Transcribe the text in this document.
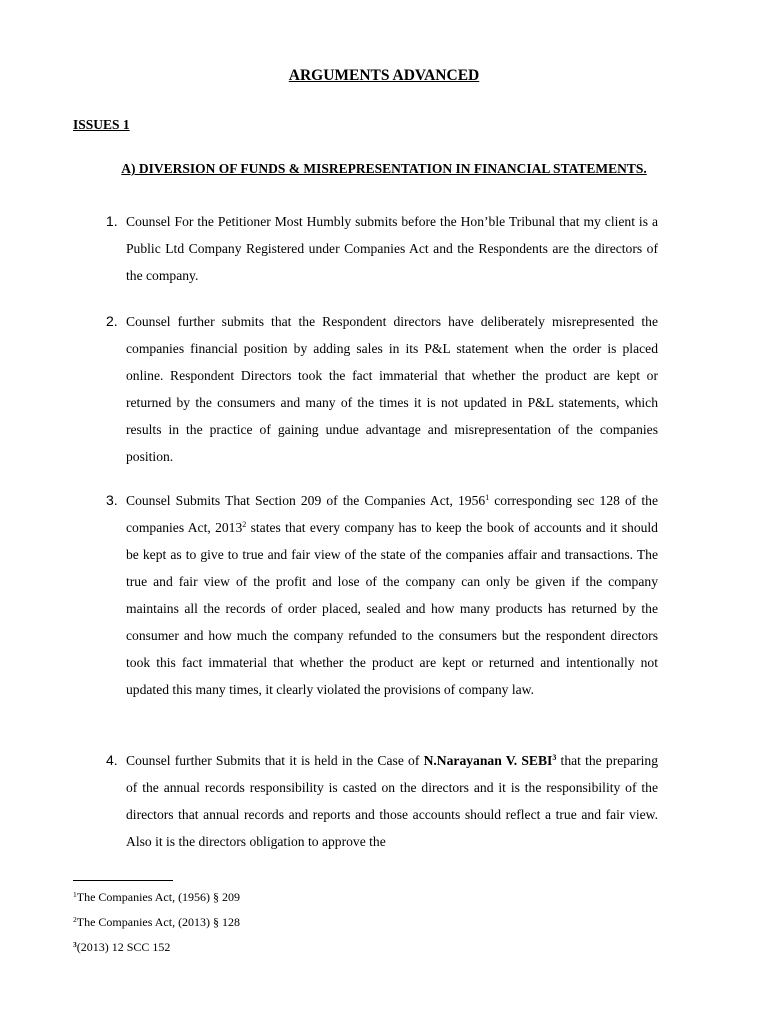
ARGUMENTS ADVANCED
ISSUES 1
A) DIVERSION OF FUNDS & MISREPRESENTATION IN FINANCIAL STATEMENTS.

1. Counsel For the Petitioner Most Humbly submits before the Hon’ble Tribunal that my client is a Public Ltd Company Registered under Companies Act and the Respondents are the directors of the company.

2. Counsel further submits that the Respondent directors have deliberately misrepresented the companies financial position by adding sales in its P&L statement when the order is placed online. Respondent Directors took the fact immaterial that whether the product are kept or returned by the consumers and many of the times it is not updated in P&L statements, which results in the practice of gaining undue advantage and misrepresentation of the companies position.

3. Counsel Submits That Section 209 of the Companies Act, 1956$^1$ corresponding sec 128 of the companies Act, 2013$^2$ states that every company has to keep the book of accounts and it should be kept as to give to true and fair view of the state of the companies affair and transactions. The true and fair view of the profit and lose of the company can only be given if the company maintains all the records of order placed, sealed and how many products has returned by the consumer and how much the company refunded to the consumers but the respondent directors took this fact immaterial that whether the product are kept or returned and intentionally not updated this many times, it clearly violated the provisions of company law.

4. Counsel further Submits that it is held in the Case of N.Narayanan V. SEBI$^3$ that the preparing of the annual records responsibility is casted on the directors and it is the responsibility of the directors that annual records and reports and those accounts should reflect a true and fair view. Also it is the directors obligation to approve the

$^1$The Companies Act, (1956) § 209

$^2$The Companies Act, (2013) § 128

$^3$(2013) 12 SCC 152
